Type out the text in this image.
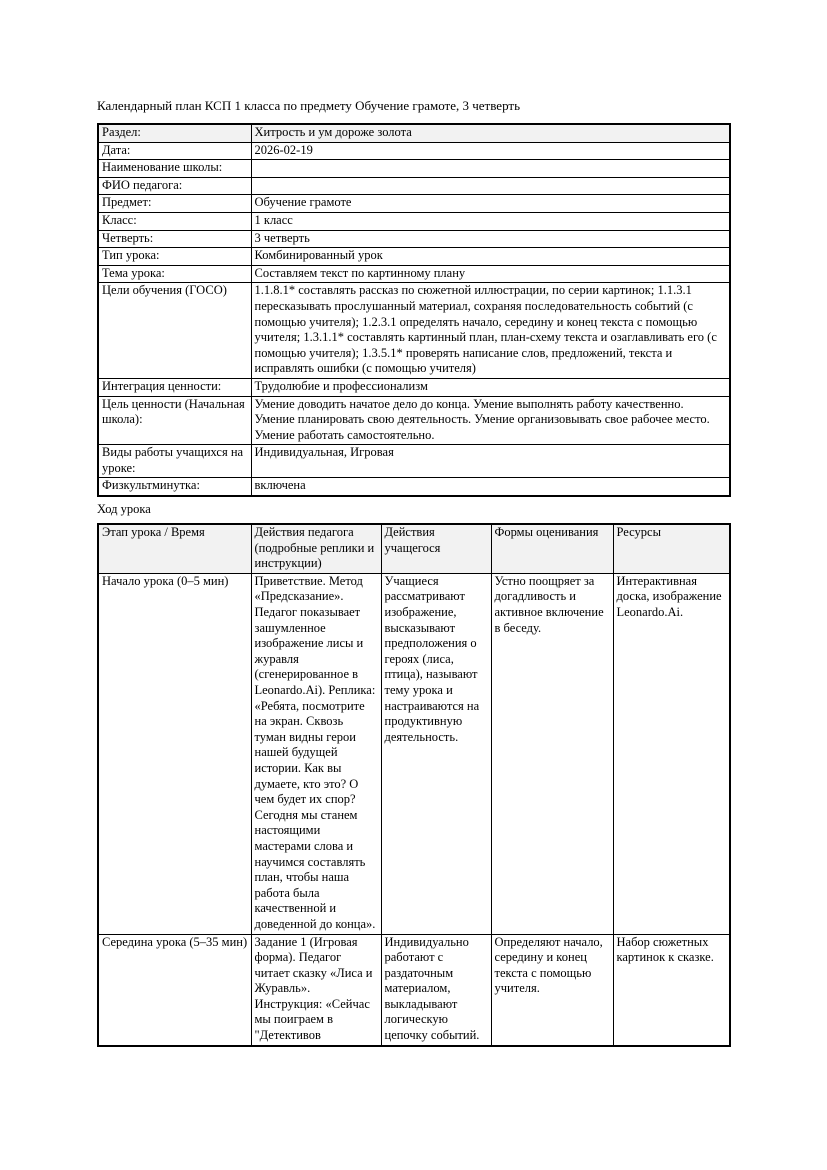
Календарный план КСП 1 класса по предмету Обучение грамоте, 3 четверть
Раздел:	Хитрость и ум дороже золота
Дата:	2026-02-19
Наименование школы:	
ФИО педагога:	
Предмет:	Обучение грамоте
Класс:	1 класс
Четверть:	3 четверть
Тип урока:	Комбинированный урок
Тема урока:	Составляем текст по картинному плану
Цели обучения (ГОСО)	1.1.8.1* составлять рассказ по сюжетной иллюстрации, по серии картинок; 1.1.3.1 пересказывать прослушанный материал, сохраняя последовательность событий (с помощью учителя); 1.2.3.1 определять начало, середину и конец текста с помощью учителя; 1.3.1.1* составлять картинный план, план-схему текста и озаглавливать его (с помощью учителя); 1.3.5.1* проверять написание слов, предложений, текста и исправлять ошибки (с помощью учителя)
Интеграция ценности:	Трудолюбие и профессионализм
Цель ценности (Начальная школа):	Умение доводить начатое дело до конца. Умение выполнять работу качественно. Умение планировать свою деятельность. Умение организовывать свое рабочее место. Умение работать самостоятельно.
Виды работы учащихся на уроке:	Индивидуальная, Игровая
Физкультминутка:	включена
Ход урока
Этап урока / Время	Действия педагога (подробные реплики и инструкции)	Действия учащегося	Формы оценивания	Ресурсы
Начало урока (0–5 мин)	Приветствие. Метод «Предсказание». Педагог показывает зашумленное изображение лисы и журавля (сгенерированное в Leonardo.Ai). Реплика: «Ребята, посмотрите на экран. Сквозь туман видны герои нашей будущей истории. Как вы думаете, кто это? О чем будет их спор? Сегодня мы станем настоящими мастерами слова и научимся составлять план, чтобы наша работа была качественной и доведенной до конца».	Учащиеся рассматривают изображение, высказывают предположения о героях (лиса, птица), называют тему урока и настраиваются на продуктивную деятельность.	Устно поощряет за догадливость и активное включение в беседу.	Интерактивная доска, изображение Leonardo.Ai.
Середина урока (5–35 мин)	Задание 1 (Игровая форма). Педагог читает сказку «Лиса и Журавль». Инструкция: «Сейчас мы поиграем в "Детективов	Индивидуально работают с раздаточным материалом, выкладывают логическую цепочку событий.	Определяют начало, середину и конец текста с помощью учителя.	Набор сюжетных картинок к сказке.
